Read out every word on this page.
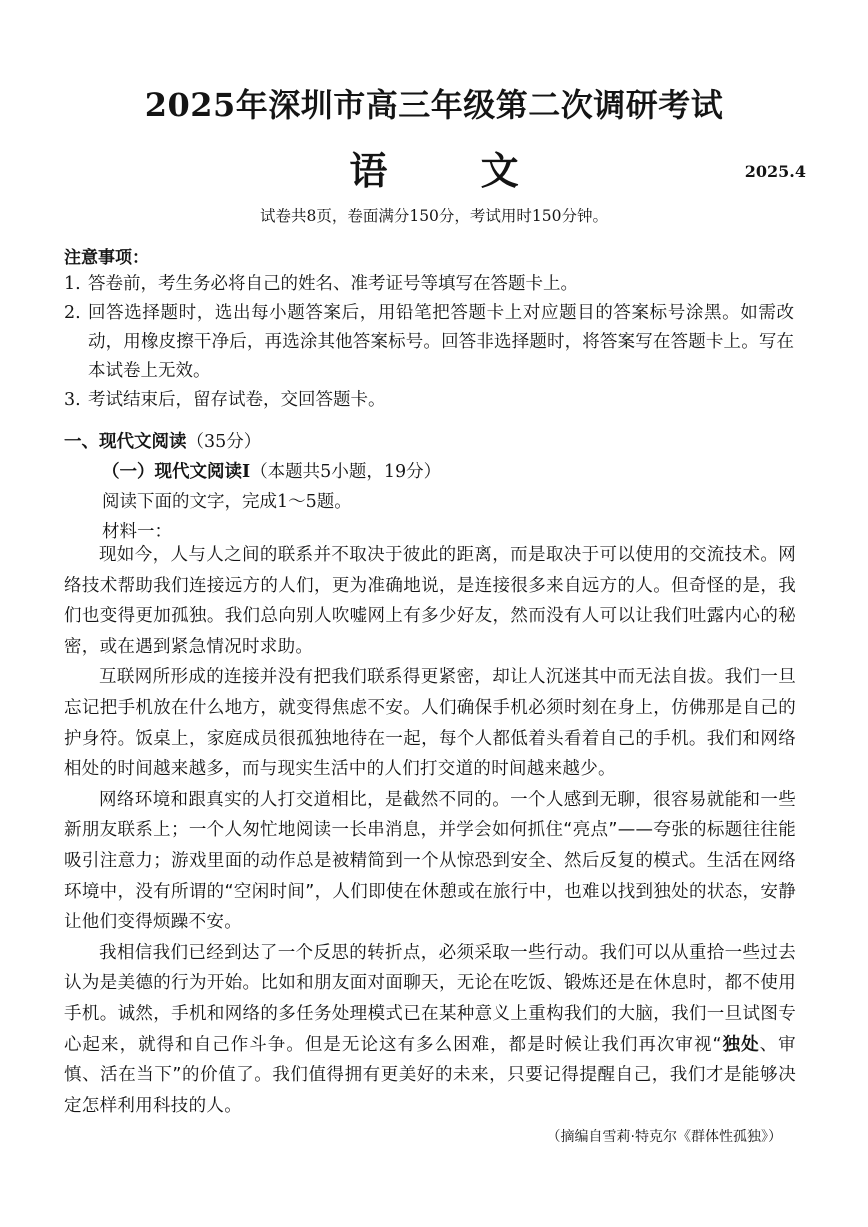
2025年深圳市高三年级第二次调研考试
语 文	2025.4
试卷共8页，卷面满分150分，考试用时150分钟。
注意事项：
1. 答卷前，考生务必将自己的姓名、准考证号等填写在答题卡上。
2. 回答选择题时，选出每小题答案后，用铅笔把答题卡上对应题目的答案标号涂黑。如需改动，用橡皮擦干净后，再选涂其他答案标号。回答非选择题时，将答案写在答题卡上。写在本试卷上无效。
3. 考试结束后，留存试卷，交回答题卡。
一、现代文阅读（35分）
（一）现代文阅读Ⅰ（本题共5小题，19分）
阅读下面的文字，完成1～5题。
材料一：

现如今，人与人之间的联系并不取决于彼此的距离，而是取决于可以使用的交流技术。网络技术帮助我们连接远方的人们，更为准确地说，是连接很多来自远方的人。但奇怪的是，我们也变得更加孤独。我们总向别人吹嘘网上有多少好友，然而没有人可以让我们吐露内心的秘密，或在遇到紧急情况时求助。

互联网所形成的连接并没有把我们联系得更紧密，却让人沉迷其中而无法自拔。我们一旦忘记把手机放在什么地方，就变得焦虑不安。人们确保手机必须时刻在身上，仿佛那是自己的护身符。饭桌上，家庭成员很孤独地待在一起，每个人都低着头看着自己的手机。我们和网络相处的时间越来越多，而与现实生活中的人们打交道的时间越来越少。

网络环境和跟真实的人打交道相比，是截然不同的。一个人感到无聊，很容易就能和一些新朋友联系上；一个人匆忙地阅读一长串消息，并学会如何抓住“亮点”——夸张的标题往往能吸引注意力；游戏里面的动作总是被精简到一个从惊恐到安全、然后反复的模式。生活在网络环境中，没有所谓的“空闲时间”，人们即使在休憩或在旅行中，也难以找到独处的状态，安静让他们变得烦躁不安。

我相信我们已经到达了一个反思的转折点，必须采取一些行动。我们可以从重拾一些过去认为是美德的行为开始。比如和朋友面对面聊天，无论在吃饭、锻炼还是在休息时，都不使用手机。诚然，手机和网络的多任务处理模式已在某种意义上重构我们的大脑，我们一旦试图专心起来，就得和自己作斗争。但是无论这有多么困难，都是时候让我们再次审视“独处、审慎、活在当下”的价值了。我们值得拥有更美好的未来，只要记得提醒自己，我们才是能够决定怎样利用科技的人。

（摘编自雪莉·特克尔《群体性孤独》）
